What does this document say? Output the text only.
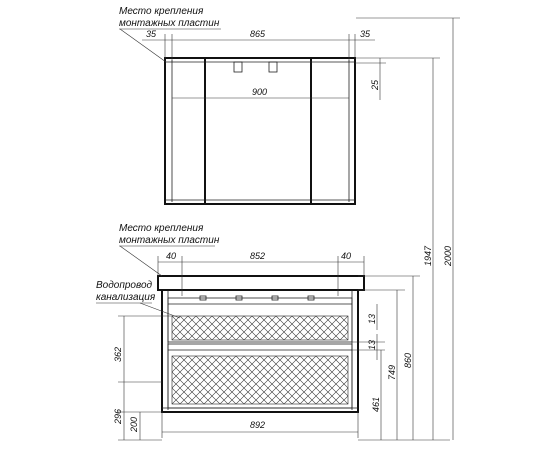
35	865	35
900
25
Место крепления
монтажных пластин
40	852	40
892
Место крепления
монтажных пластин
Водопровод
канализация
362
296
200
13
13
461
749
860
1947 2000
